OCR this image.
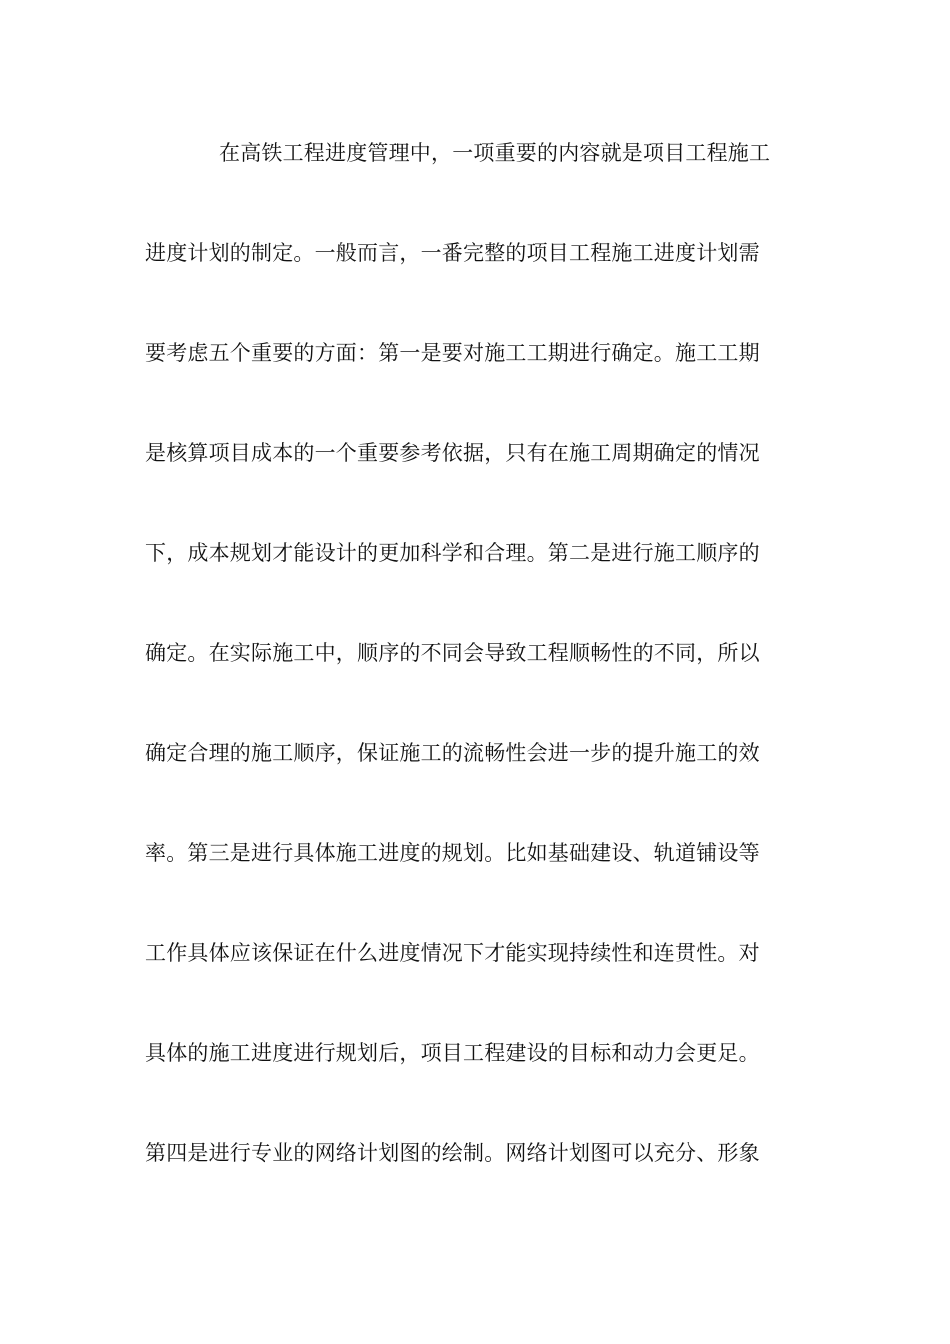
在高铁工程进度管理中，一项重要的内容就是项目工程施工
进度计划的制定。一般而言，一番完整的项目工程施工进度计划需
要考虑五个重要的方面：第一是要对施工工期进行确定。施工工期
是核算项目成本的一个重要参考依据，只有在施工周期确定的情况
下，成本规划才能设计的更加科学和合理。第二是进行施工顺序的
确定。在实际施工中，顺序的不同会导致工程顺畅性的不同，所以
确定合理的施工顺序，保证施工的流畅性会进一步的提升施工的效
率。第三是进行具体施工进度的规划。比如基础建设、轨道铺设等
工作具体应该保证在什么进度情况下才能实现持续性和连贯性。对
具体的施工进度进行规划后，项目工程建设的目标和动力会更足。
第四是进行专业的网络计划图的绘制。网络计划图可以充分、形象
